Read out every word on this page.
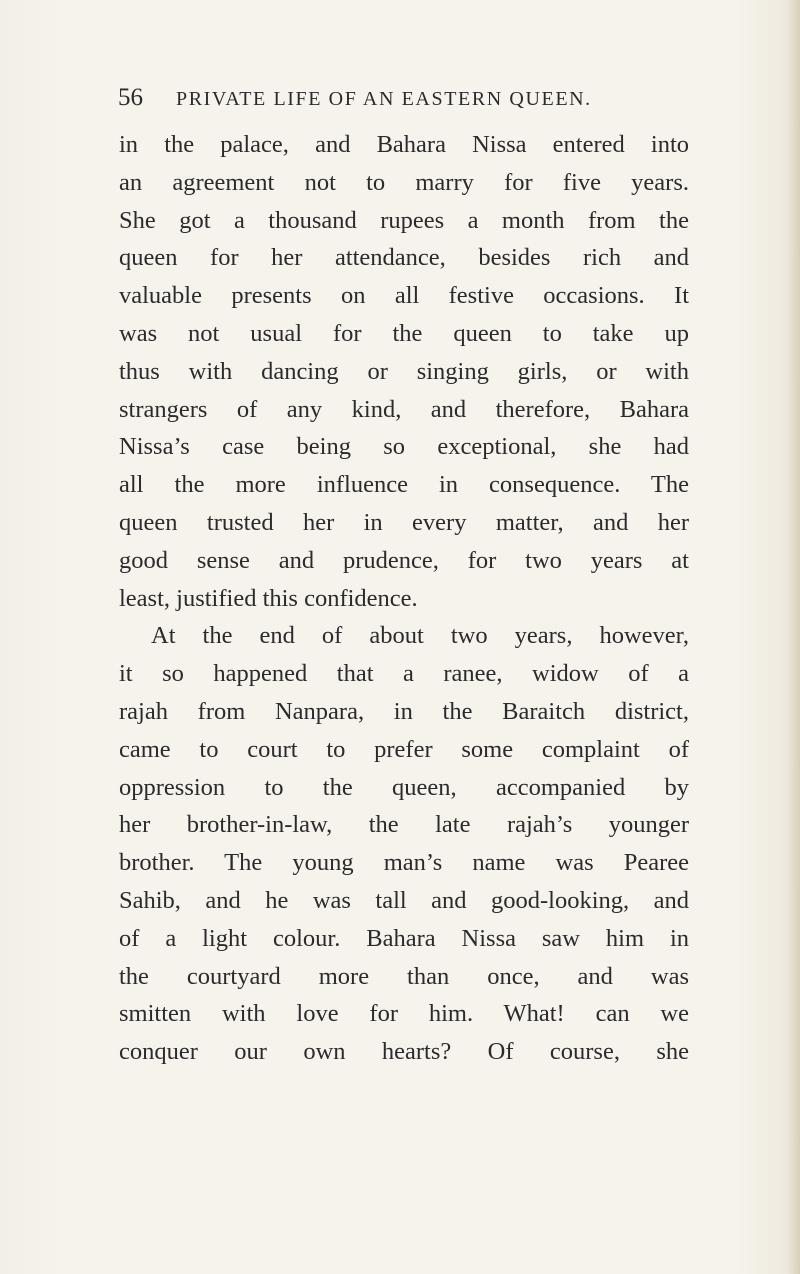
56 PRIVATE LIFE OF AN EASTERN QUEEN.
in the palace, and Bahara Nissa entered into
an agreement not to marry for five years.
She got a thousand rupees a month from the
queen for her attendance, besides rich and
valuable presents on all festive occasions. It
was not usual for the queen to take up
thus with dancing or singing girls, or with
strangers of any kind, and therefore, Bahara
Nissa’s case being so exceptional, she had
all the more influence in consequence. The
queen trusted her in every matter, and her
good sense and prudence, for two years at
least, justified this confidence.
At the end of about two years, however,
it so happened that a ranee, widow of a
rajah from Nanpara, in the Baraitch district,
came to court to prefer some complaint of
oppression to the queen, accompanied by
her brother-in-law, the late rajah’s younger
brother. The young man’s name was Pearee
Sahib, and he was tall and good-looking, and
of a light colour. Bahara Nissa saw him in
the courtyard more than once, and was
smitten with love for him. What! can we
conquer our own hearts? Of course, she
